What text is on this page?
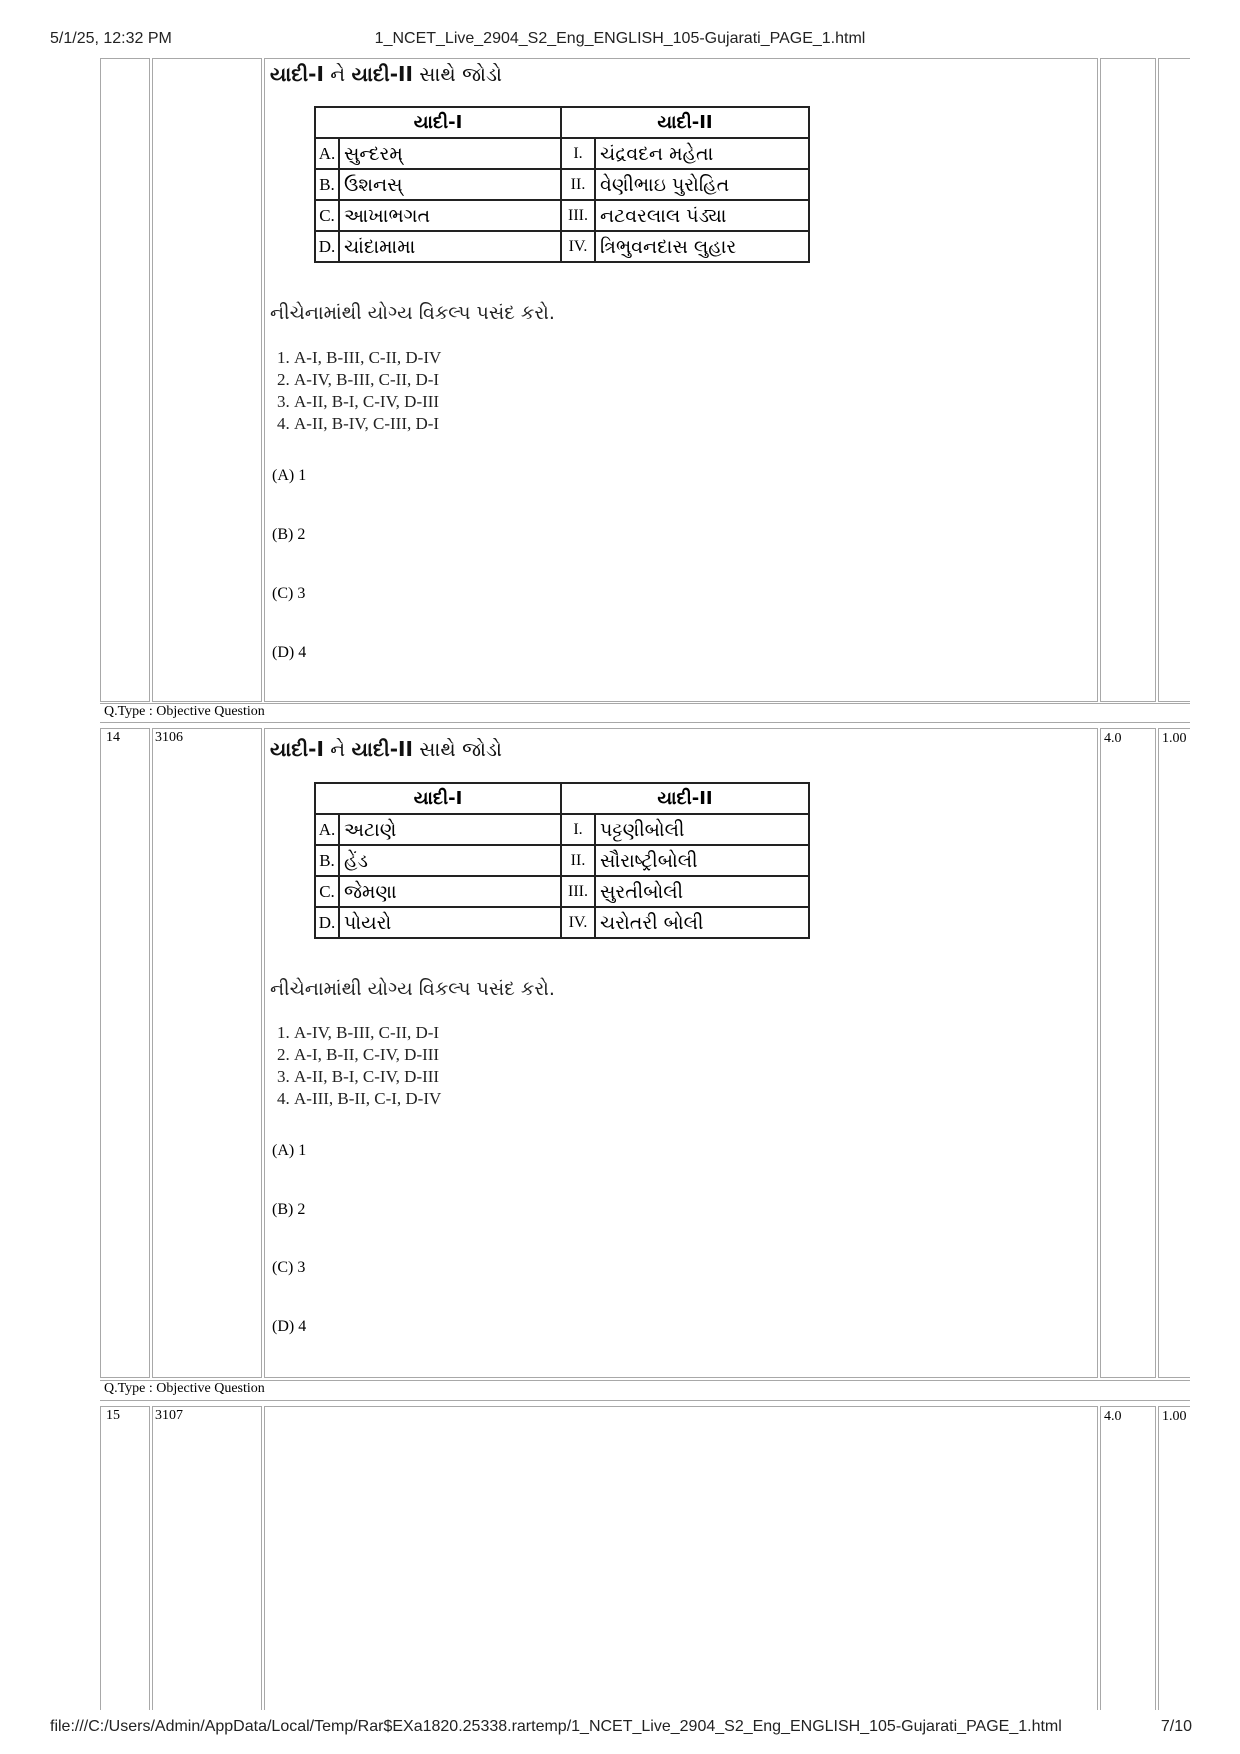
5/1/25, 12:32 PM	1_NCET_Live_2904_S2_Eng_ENGLISH_105-Gujarati_PAGE_1.html
યાદી-I ને યાદી-II સાથે જોડો
યાદી-I		યાદી-II	
A.	સુન્દરમ્	I.	ચંદ્રવદન મહેતા
B.	ઉશનસ્	II.	વેણીભાઇ પુરોહિત
C.	આખાભગત	III.	નટવરલાલ પંડ્યા
D.	ચાંદામામા	IV.	ત્રિભુવનદાસ લુહાર
નીચેનામાંથી યોગ્ય વિકલ્પ પસંદ કરો.
1. A-I, B-III, C-II, D-IV
2. A-IV, B-III, C-II, D-I
3. A-II, B-I, C-IV, D-III
4. A-II, B-IV, C-III, D-I
(A) 1
(B) 2
(C) 3
(D) 4
Q.Type : Objective Question
14	3106	4.0	1.00
યાદી-I ને યાદી-II સાથે જોડો
યાદી-I		યાદી-II	
A.	અટાણે	I.	પટ્ટણીબોલી
B.	હેંડ	II.	સૌરાષ્ટ્રીબોલી
C.	જેમણા	III.	સુરતીબોલી
D.	પોયરો	IV.	ચરોતરી બોલી
નીચેનામાંથી યોગ્ય વિકલ્પ પસંદ કરો.
1. A-IV, B-III, C-II, D-I
2. A-I, B-II, C-IV, D-III
3. A-II, B-I, C-IV, D-III
4. A-III, B-II, C-I, D-IV
(A) 1
(B) 2
(C) 3
(D) 4
Q.Type : Objective Question
15	3107	4.0	1.00
file:///C:/Users/Admin/AppData/Local/Temp/Rar$EXa1820.25338.rartemp/1_NCET_Live_2904_S2_Eng_ENGLISH_105-Gujarati_PAGE_1.html	7/10
